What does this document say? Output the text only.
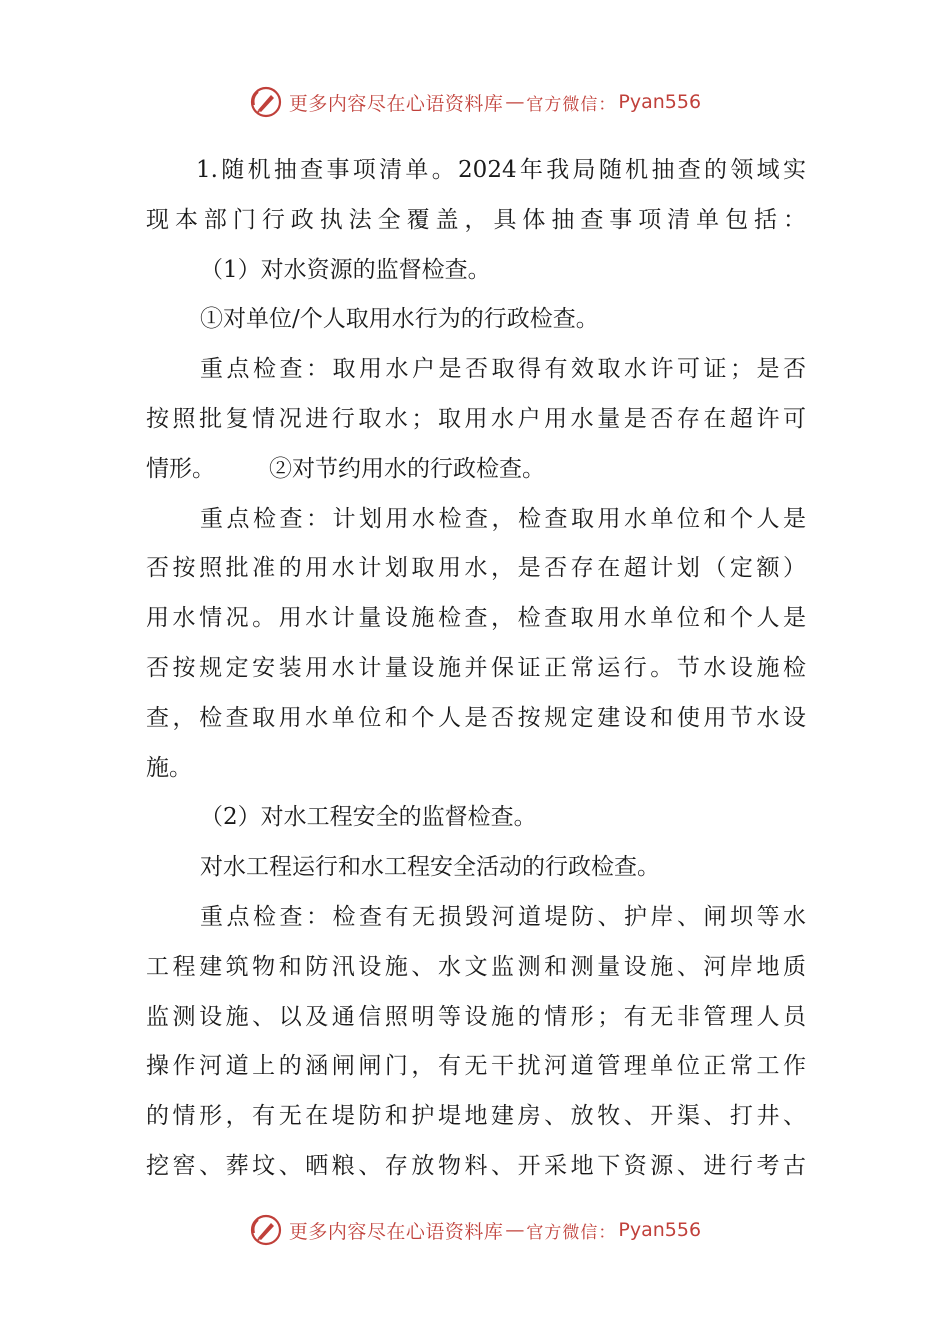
更多内容尽在心语资料库 — 官方微信： Pyan556
1.随机抽查事项清单。2024年我局随机抽查的领域实
现本部门行政执法全覆盖，具体抽查事项清单包括：
（1）对水资源的监督检查。
①对单位/个人取用水行为的行政检查。
重点检查：取用水户是否取得有效取水许可证；是否
按照批复情况进行取水；取用水户用水量是否存在超许可
情形。 ②对节约用水的行政检查。
重点检查：计划用水检查，检查取用水单位和个人是
否按照批准的用水计划取用水，是否存在超计划（定额）
用水情况。用水计量设施检查，检查取用水单位和个人是
否按规定安装用水计量设施并保证正常运行。节水设施检
查，检查取用水单位和个人是否按规定建设和使用节水设
施。
（2）对水工程安全的监督检查。
对水工程运行和水工程安全活动的行政检查。
重点检查：检查有无损毁河道堤防、护岸、闸坝等水
工程建筑物和防汛设施、水文监测和测量设施、河岸地质
监测设施、以及通信照明等设施的情形；有无非管理人员
操作河道上的涵闸闸门，有无干扰河道管理单位正常工作
的情形，有无在堤防和护堤地建房、放牧、开渠、打井、
挖窖、葬坟、晒粮、存放物料、开采地下资源、进行考古
更多内容尽在心语资料库 — 官方微信： Pyan556
